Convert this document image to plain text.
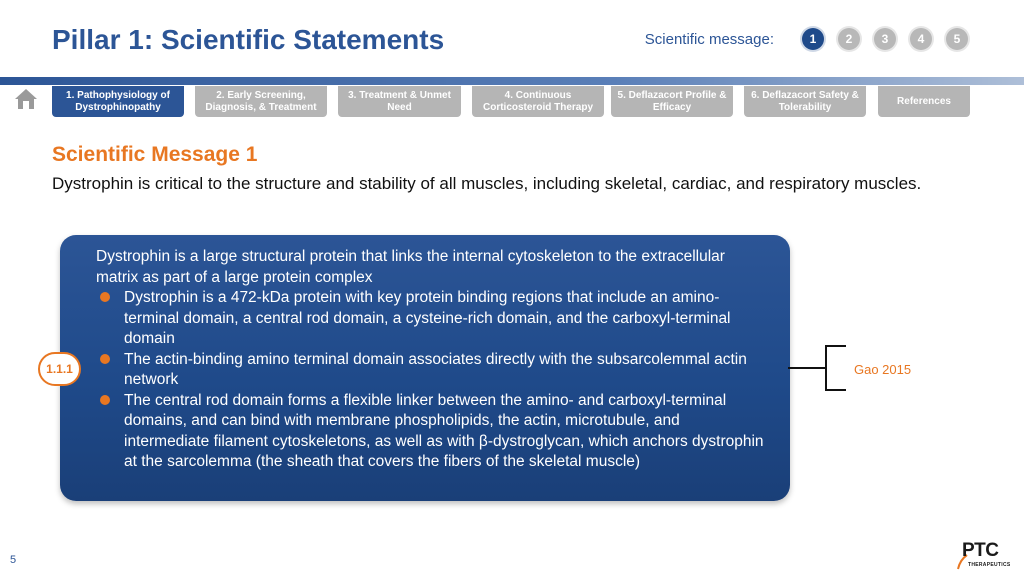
Pillar 1: Scientific Statements	Scientific message:	1	2	3	4	5
1. Pathophysiology of Dystrophinopathy
2. Early Screening, Diagnosis, & Treatment
3. Treatment & Unmet Need
4. Continuous Corticosteroid Therapy
5. Deflazacort Profile & Efficacy
6. Deflazacort Safety & Tolerability
References
Scientific Message 1
Dystrophin is critical to the structure and stability of all muscles, including skeletal, cardiac, and respiratory muscles.
Dystrophin is a large structural protein that links the internal cytoskeleton to the extracellular matrix as part of a large protein complex
Dystrophin is a 472-kDa protein with key protein binding regions that include an amino-terminal domain, a central rod domain, a cysteine-rich domain, and the carboxyl-terminal domain
The actin-binding amino terminal domain associates directly with the subsarcolemmal actin network
The central rod domain forms a flexible linker between the amino- and carboxyl-terminal domains, and can bind with membrane phospholipids, the actin, microtubule, and intermediate filament cytoskeletons, as well as with β-dystroglycan, which anchors dystrophin at the sarcolemma (the sheath that covers the fibers of the skeletal muscle)
1.1.1	Gao 2015
5	PTC
THERAPEUTICS
